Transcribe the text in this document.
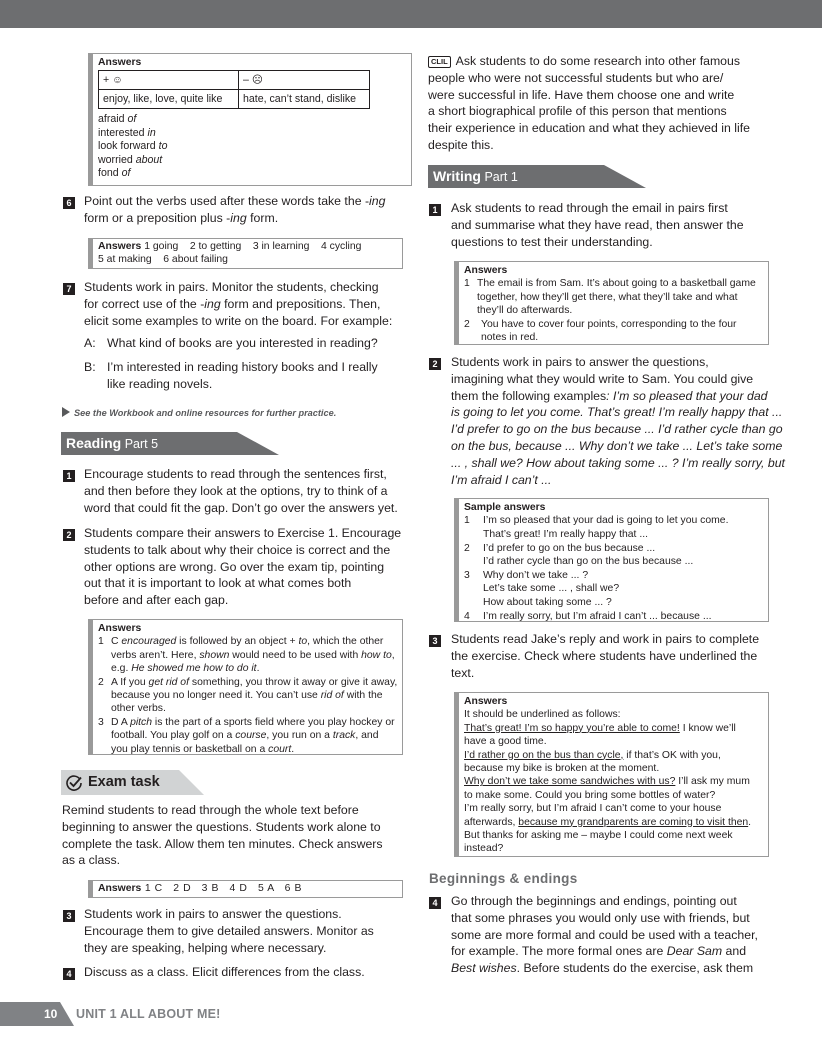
Answers
+ ☺	– ☹
enjoy, like, love, quite like	hate, can’t stand, dislike
afraid of
interested in
look forward to
worried about
fond of
6 Point out the verbs used after these words take the -ing
form or a preposition plus -ing form.
Answers 1 going    2 to getting    3 in learning    4 cycling
5 at making    6 about failing
7 Students work in pairs. Monitor the students, checking
for correct use of the -ing form and prepositions. Then,
elicit some examples to write on the board. For example:
A: What kind of books are you interested in reading?
B: I’m interested in reading history books and I really
like reading novels.
See the Workbook and online resources for further practice.
Reading Part 5
1 Encourage students to read through the sentences first,
and then before they look at the options, try to think of a
word that could fit the gap. Don’t go over the answers yet.
2 Students compare their answers to Exercise 1. Encourage
students to talk about why their choice is correct and the
other options are wrong. Go over the exam tip, pointing
out that it is important to look at what comes both
before and after each gap.
Answers
1 C encouraged is followed by an object + to, which the other verbs aren’t. Here, shown would need to be used with how to, e.g. He showed me how to do it.
2 A If you get rid of something, you throw it away or give it away, because you no longer need it. You can’t use rid of with the other verbs.
3 D A pitch is the part of a sports field where you play hockey or football. You play golf on a course, you run on a track, and you play tennis or basketball on a court.
Exam task
Remind students to read through the whole text before
beginning to answer the questions. Students work alone to
complete the task. Allow them ten minutes. Check answers
as a class.
Answers 1 C   2 D   3 B   4 D   5 A   6 B
3 Students work in pairs to answer the questions.
Encourage them to give detailed answers. Monitor as
they are speaking, helping where necessary.
4 Discuss as a class. Elicit differences from the class.
10 UNIT 1 ALL ABOUT ME!
CLIL Ask students to do some research into other famous
people who were not successful students but who are/
were successful in life. Have them choose one and write
a short biographical profile of this person that mentions
their experience in education and what they achieved in life
despite this.
Writing Part 1
1 Ask students to read through the email in pairs first
and summarise what they have read, then answer the
questions to test their understanding.
Answers
1 The email is from Sam. It’s about going to a basketball game together, how they’ll get there, what they’ll take and what they’ll do afterwards.
2	You have to cover four points, corresponding to the four notes in red.
2 Students work in pairs to answer the questions,
imagining what they would write to Sam. You could give
them the following examples: I’m so pleased that your dad
is going to let you come. That’s great! I’m really happy that ...
I’d prefer to go on the bus because ... I’d rather cycle than go
on the bus, because ... Why don’t we take ... Let’s take some
... , shall we? How about taking some ... ? I’m really sorry, but
I’m afraid I can’t ...
Sample answers
1	I’m so pleased that your dad is going to let you come.
That’s great! I’m really happy that ...
2	I’d prefer to go on the bus because ...
I’d rather cycle than go on the bus because ...
3	Why don’t we take ... ?
Let’s take some ... , shall we?
How about taking some ... ?
4	I’m really sorry, but I’m afraid I can’t ... because ...
3 Students read Jake’s reply and work in pairs to complete
the exercise. Check where students have underlined the
text.
Answers
It should be underlined as follows:
That’s great! I’m so happy you’re able to come! I know we’ll
have a good time.
I’d rather go on the bus than cycle, if that’s OK with you,
because my bike is broken at the moment.
Why don’t we take some sandwiches with us? I’ll ask my mum
to make some. Could you bring some bottles of water?
I’m really sorry, but I’m afraid I can’t come to your house
afterwards, because my grandparents are coming to visit then.
But thanks for asking me – maybe I could come next week
instead?
Beginnings & endings
4 Go through the beginnings and endings, pointing out
that some phrases you would only use with friends, but
some are more formal and could be used with a teacher,
for example. The more formal ones are Dear Sam and
Best wishes. Before students do the exercise, ask them
